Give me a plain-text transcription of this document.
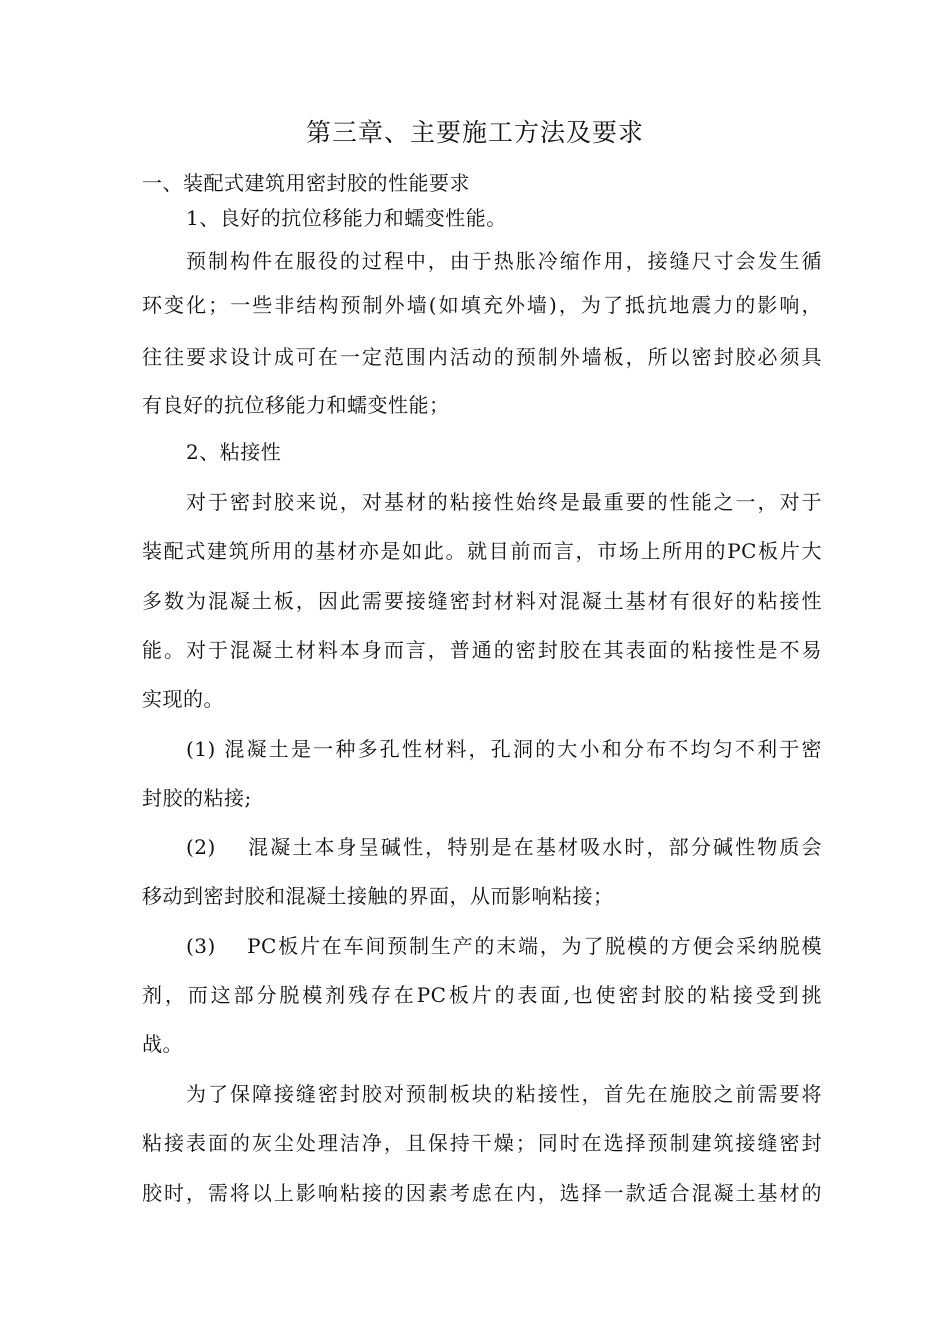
第三章、主要施工方法及要求
一、装配式建筑用密封胶的性能要求
1、良好的抗位移能力和蠕变性能。
预制构件在服役的过程中，由于热胀冷缩作用，接缝尺寸会发生循
环变化；一些非结构预制外墙(如填充外墙)，为了抵抗地震力的影响，
往往要求设计成可在一定范围内活动的预制外墙板，所以密封胶必须具
有良好的抗位移能力和蠕变性能；
2、粘接性
对于密封胶来说，对基材的粘接性始终是最重要的性能之一，对于
装配式建筑所用的基材亦是如此。就目前而言，市场上所用的PC板片大
多数为混凝土板，因此需要接缝密封材料对混凝土基材有很好的粘接性
能。对于混凝土材料本身而言，普通的密封胶在其表面的粘接性是不易
实现的。
(1) 混凝土是一种多孔性材料，孔洞的大小和分布不均匀不利于密
封胶的粘接;
(2)　 混凝土本身呈碱性，特别是在基材吸水时，部分碱性物质会
移动到密封胶和混凝土接触的界面，从而影响粘接；
(3)　 PC板片在车间预制生产的末端，为了脱模的方便会采纳脱模
剂，而这部分脱模剂残存在PC板片的表面,也使密封胶的粘接受到挑
战。
为了保障接缝密封胶对预制板块的粘接性，首先在施胶之前需要将
粘接表面的灰尘处理洁净，且保持干燥；同时在选择预制建筑接缝密封
胶时，需将以上影响粘接的因素考虑在内，选择一款适合混凝土基材的
